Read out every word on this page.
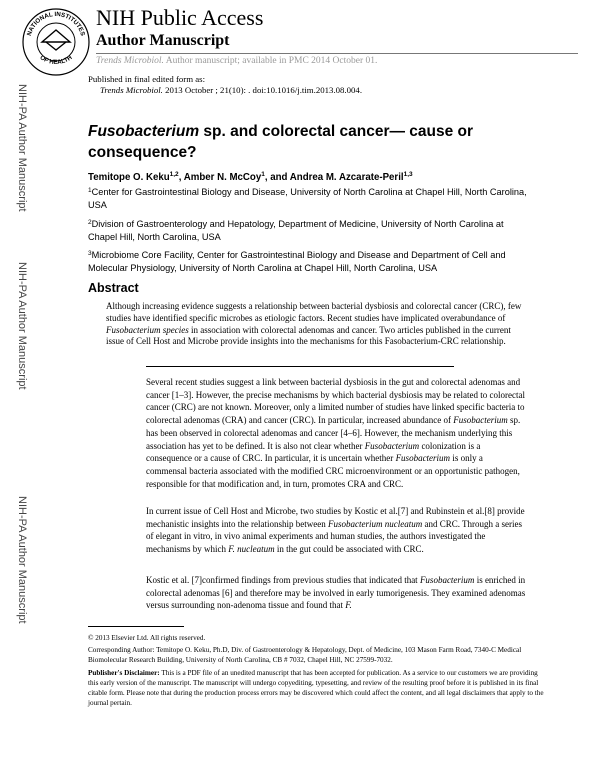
NATIONAL INSTITUTES
OF HEALTH
NIH Public Access
Author Manuscript
Trends Microbiol. Author manuscript; available in PMC 2014 October 01.
Published in final edited form as:
Trends Microbiol. 2013 October ; 21(10): . doi:10.1016/j.tim.2013.08.004.
NIH-PA Author Manuscript
NIH-PA Author Manuscript
NIH-PA Author Manuscript
Fusobacterium sp. and colorectal cancer— cause or consequence?
Temitope O. Keku$^{1,2}$, Amber N. McCoy$^1$, and Andrea M. Azcarate-Peril$^{1,3}$
$^1$Center for Gastrointestinal Biology and Disease, University of North Carolina at Chapel Hill, North Carolina, USA
$^2$Division of Gastroenterology and Hepatology, Department of Medicine, University of North Carolina at Chapel Hill, North Carolina, USA
$^3$Microbiome Core Facility, Center for Gastrointestinal Biology and Disease and Department of Cell and Molecular Physiology, University of North Carolina at Chapel Hill, North Carolina, USA
Abstract
Although increasing evidence suggests a relationship between bacterial dysbiosis and colorectal cancer (CRC), few studies have identified specific microbes as etiologic factors. Recent studies have implicated overabundance of Fusobacterium species in association with colorectal adenomas and cancer. Two articles published in the current issue of Cell Host and Microbe provide insights into the mechanisms for this Fasobacterium-CRC relationship.
Several recent studies suggest a link between bacterial dysbiosis in the gut and colorectal adenomas and cancer [1–3]. However, the precise mechanisms by which bacterial dysbiosis may be related to colorectal cancer (CRC) are not known. Moreover, only a limited number of studies have linked specific bacteria to colorectal adenomas (CRA) and cancer (CRC). In particular, increased abundance of Fusobacterium sp. has been observed in colorectal adenomas and cancer [4–6]. However, the mechanism underlying this association has yet to be defined. It is also not clear whether Fusobacterium colonization is a consequence or a cause of CRC. In particular, it is uncertain whether Fusobacterium is only a commensal bacteria associated with the modified CRC microenvironment or an opportunistic pathogen, responsible for that modification and, in turn, promotes CRA and CRC.
In current issue of Cell Host and Microbe, two studies by Kostic et al.[7] and Rubinstein et al.[8] provide mechanistic insights into the relationship between Fusobacterium nucleatum and CRC. Through a series of elegant in vitro, in vivo animal experiments and human studies, the authors investigated the mechanisms by which F. nucleatum in the gut could be associated with CRC.
Kostic et al. [7]confirmed findings from previous studies that indicated that Fusobacterium is enriched in colorectal adenomas [6] and therefore may be involved in early tumorigenesis. They examined adenomas versus surrounding non-adenoma tissue and found that F.

© 2013 Elsevier Ltd. All rights reserved.

Corresponding Author: Temitope O. Keku, Ph.D, Div. of Gastroenterology & Hepatology, Dept. of Medicine, 103 Mason Farm Road, 7340-C Medical Biomolecular Research Building, University of North Carolina, CB # 7032, Chapel Hill, NC 27599-7032.

Publisher's Disclaimer: This is a PDF file of an unedited manuscript that has been accepted for publication. As a service to our customers we are providing this early version of the manuscript. The manuscript will undergo copyediting, typesetting, and review of the resulting proof before it is published in its final citable form. Please note that during the production process errors may be discovered which could affect the content, and all legal disclaimers that apply to the journal pertain.
